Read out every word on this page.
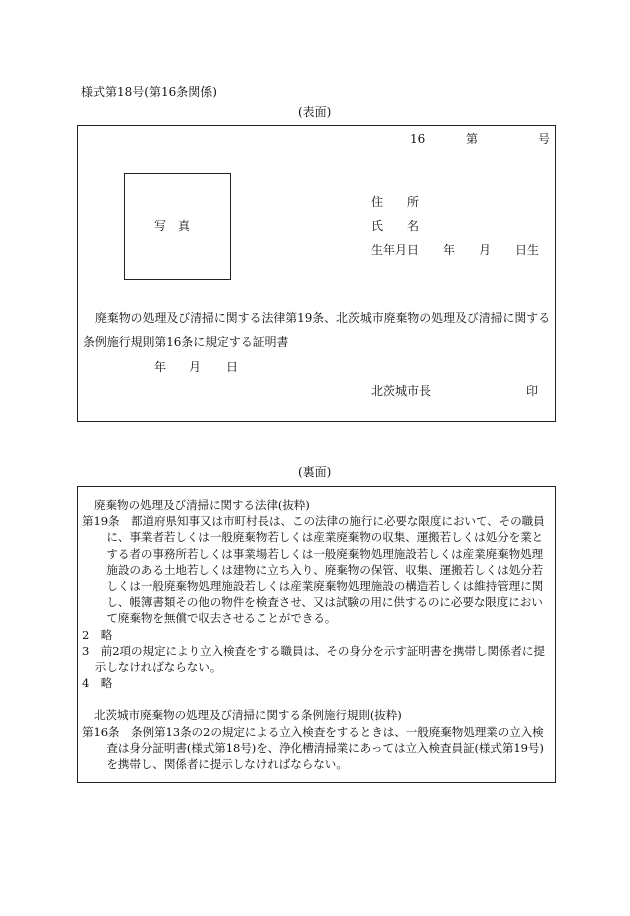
様式第18号(第16条関係)
(表面)
16	第	号
写　真
住　　所
氏　　名
生年月日 年 月 日生
廃棄物の処理及び清掃に関する法律第19条、北茨城市廃棄物の処理及び清掃に関する
条例施行規則第16条に規定する証明書
年 月 日
北茨城市長	印
(裏面)

廃棄物の処理及び清掃に関する法律(抜粋)

第19条　都道府県知事又は市町村長は、この法律の施行に必要な限度において、その職員に、事業者若しくは一般廃棄物若しくは産業廃棄物の収集、運搬若しくは処分を業とする者の事務所若しくは事業場若しくは一般廃棄物処理施設若しくは産業廃棄物処理施設のある土地若しくは建物に立ち入り、廃棄物の保管、収集、運搬若しくは処分若しくは一般廃棄物処理施設若しくは産業廃棄物処理施設の構造若しくは維持管理に関し、帳簿書類その他の物件を検査させ、又は試験の用に供するのに必要な限度において廃棄物を無償で収去させることができる。

2　略

3　前2項の規定により立入検査をする職員は、その身分を示す証明書を携帯し関係者に提示しなければならない。

4　略

北茨城市廃棄物の処理及び清掃に関する条例施行規則(抜粋)

第16条　条例第13条の2の規定による立入検査をするときは、一般廃棄物処理業の立入検査は身分証明書(様式第18号)を、浄化槽清掃業にあっては立入検査員証(様式第19号)を携帯し、関係者に提示しなければならない。
